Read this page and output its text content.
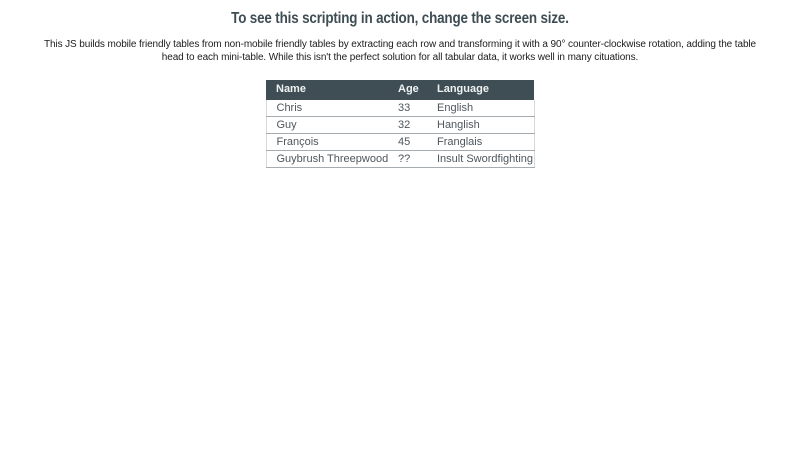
To see this scripting in action, change the screen size.

This JS builds mobile friendly tables from non-mobile friendly tables by extracting each row and transforming it with a 90° counter-clockwise rotation, adding the table
head to each mini-table. While this isn't the perfect solution for all tabular data, it works well in many cituations.

Name	Age	Language
Chris	33	English
Guy	32	Hanglish
François	45	Franglais
Guybrush Threepwood	??	Insult Swordfighting
